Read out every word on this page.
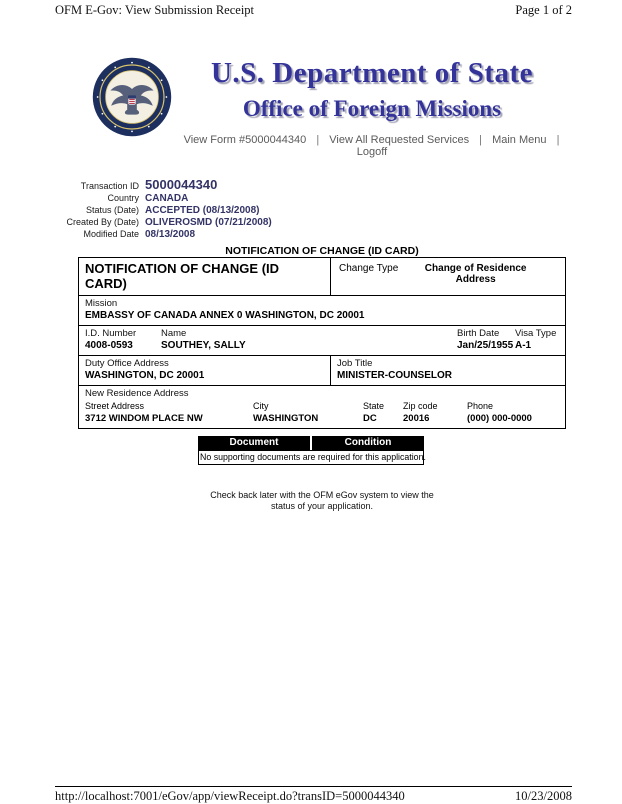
OFM E-Gov: View Submission Receipt	Page 1 of 2
U.S. Department of State
Office of Foreign Missions
View Form #5000044340 | View All Requested Services | Main Menu | Logoff
Transaction ID 5000044340
Country CANADA
Status (Date) ACCEPTED (08/13/2008)
Created By (Date) OLIVEROSMD (07/21/2008)
Modified Date 08/13/2008
NOTIFICATION OF CHANGE (ID CARD)
NOTIFICATION OF CHANGE (ID CARD)
Change Type	Change of Residence Address
Mission
EMBASSY OF CANADA ANNEX 0 WASHINGTON, DC 20001
I.D. Number
4008-0593
Name
SOUTHEY, SALLY
Birth Date
Jan/25/1955
Visa Type
A-1
Duty Office Address
WASHINGTON, DC 20001
Job Title
MINISTER-COUNSELOR
New Residence Address
Street Address
3712 WINDOM PLACE NW
City
WASHINGTON
State
DC
Zip code
20016
Phone
(000) 000-0000
Document	Condition
No supporting documents are required for this application.
Check back later with the OFM eGov system to view the
status of your application.
http://localhost:7001/eGov/app/viewReceipt.do?transID=5000044340	10/23/2008
